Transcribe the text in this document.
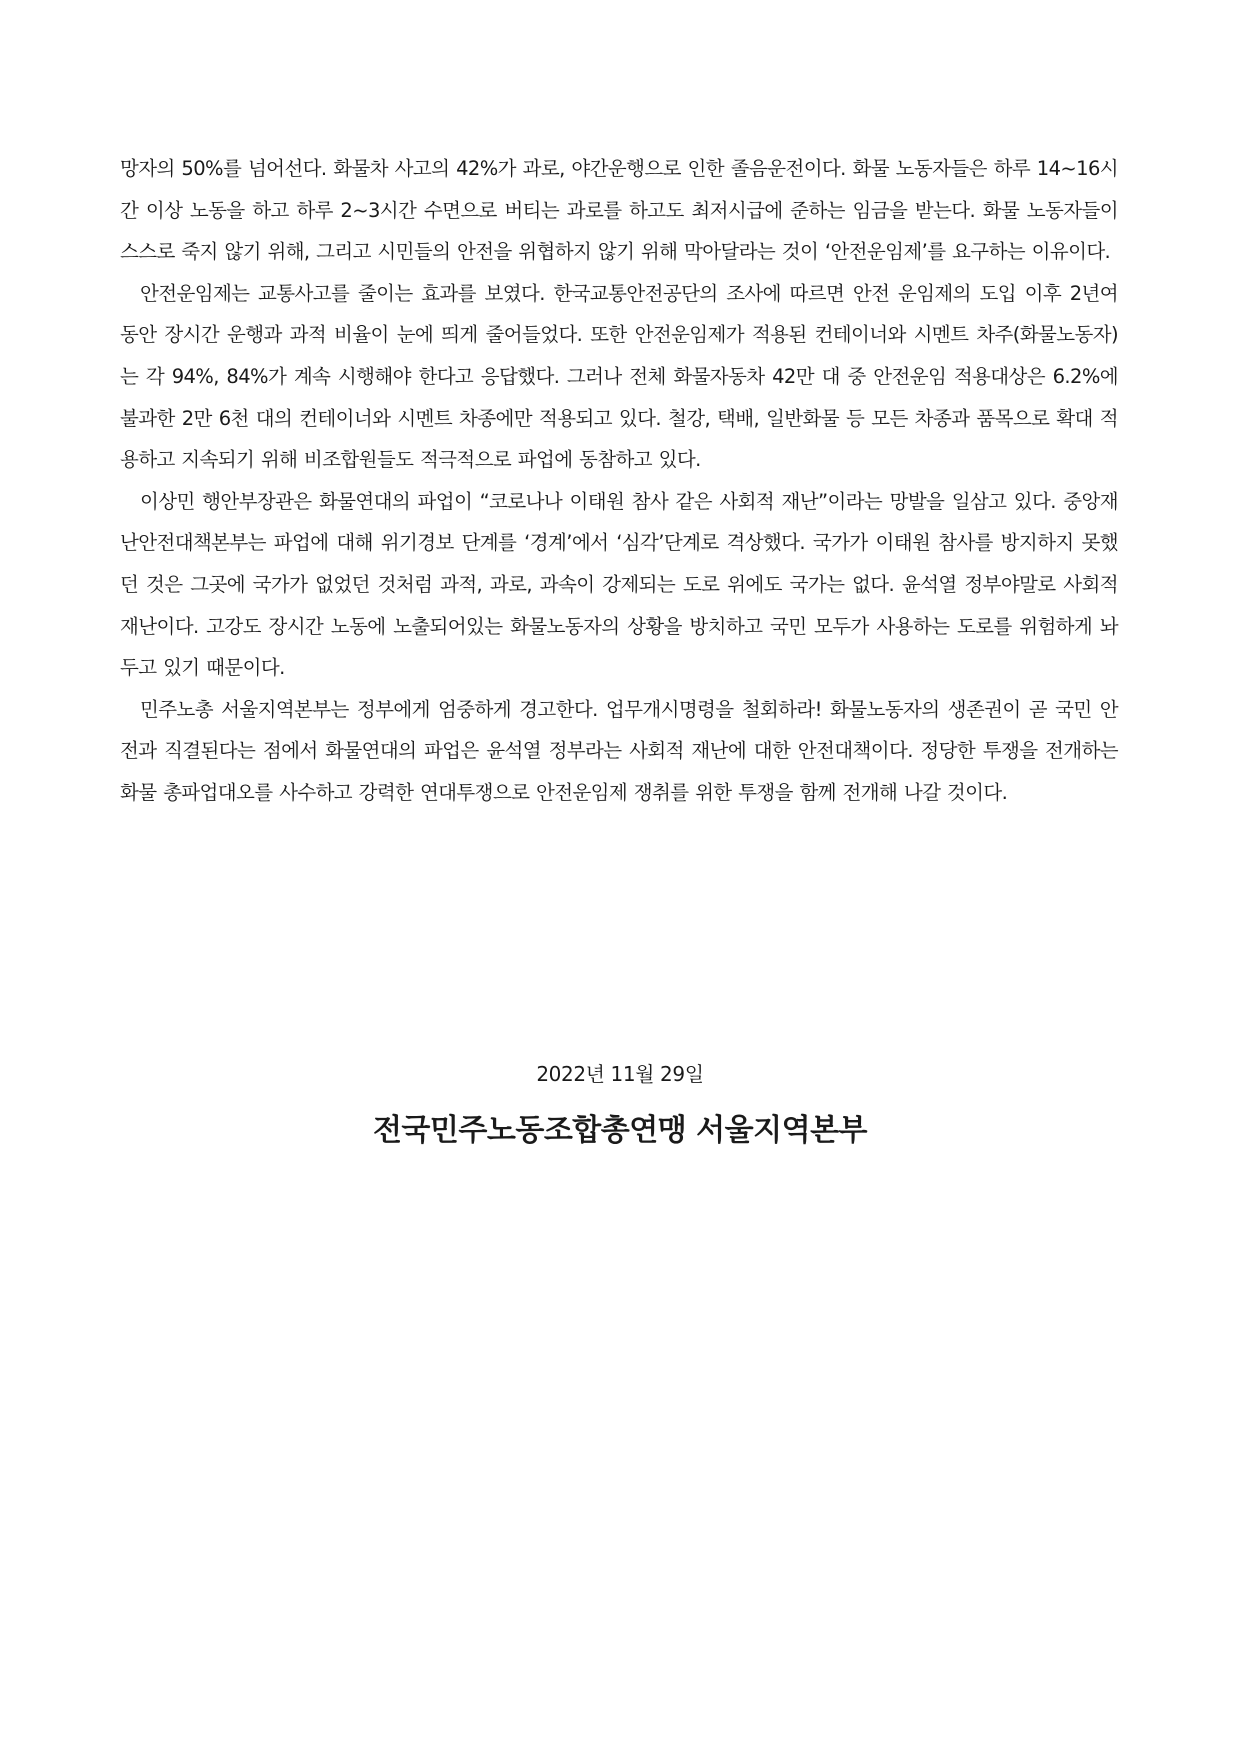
망자의 50%를 넘어선다. 화물차 사고의 42%가 과로, 야간운행으로 인한 졸음운전이다. 화물 노동자들은 하루 14~16시간 이상 노동을 하고 하루 2~3시간 수면으로 버티는 과로를 하고도 최저시급에 준하는 임금을 받는다. 화물 노동자들이 스스로 죽지 않기 위해, 그리고 시민들의 안전을 위협하지 않기 위해 막아달라는 것이 ‘안전운임제’를 요구하는 이유이다.

안전운임제는 교통사고를 줄이는 효과를 보였다. 한국교통안전공단의 조사에 따르면 안전 운임제의 도입 이후 2년여 동안 장시간 운행과 과적 비율이 눈에 띄게 줄어들었다. 또한 안전운임제가 적용된 컨테이너와 시멘트 차주(화물노동자)는 각 94%, 84%가 계속 시행해야 한다고 응답했다. 그러나 전체 화물자동차 42만 대 중 안전운임 적용대상은 6.2%에 불과한 2만 6천 대의 컨테이너와 시멘트 차종에만 적용되고 있다. 철강, 택배, 일반화물 등 모든 차종과 품목으로 확대 적용하고 지속되기 위해 비조합원들도 적극적으로 파업에 동참하고 있다.

이상민 행안부장관은 화물연대의 파업이 “코로나나 이태원 참사 같은 사회적 재난”이라는 망발을 일삼고 있다. 중앙재난안전대책본부는 파업에 대해 위기경보 단계를 ‘경계’에서 ‘심각’단계로 격상했다. 국가가 이태원 참사를 방지하지 못했던 것은 그곳에 국가가 없었던 것처럼 과적, 과로, 과속이 강제되는 도로 위에도 국가는 없다. 윤석열 정부야말로 사회적 재난이다. 고강도 장시간 노동에 노출되어있는 화물노동자의 상황을 방치하고 국민 모두가 사용하는 도로를 위험하게 놔두고 있기 때문이다.

민주노총 서울지역본부는 정부에게 엄중하게 경고한다. 업무개시명령을 철회하라! 화물노동자의 생존권이 곧 국민 안전과 직결된다는 점에서 화물연대의 파업은 윤석열 정부라는 사회적 재난에 대한 안전대책이다. 정당한 투쟁을 전개하는 화물 총파업대오를 사수하고 강력한 연대투쟁으로 안전운임제 쟁취를 위한 투쟁을 함께 전개해 나갈 것이다.

2022년 11월 29일
전국민주노동조합총연맹 서울지역본부
